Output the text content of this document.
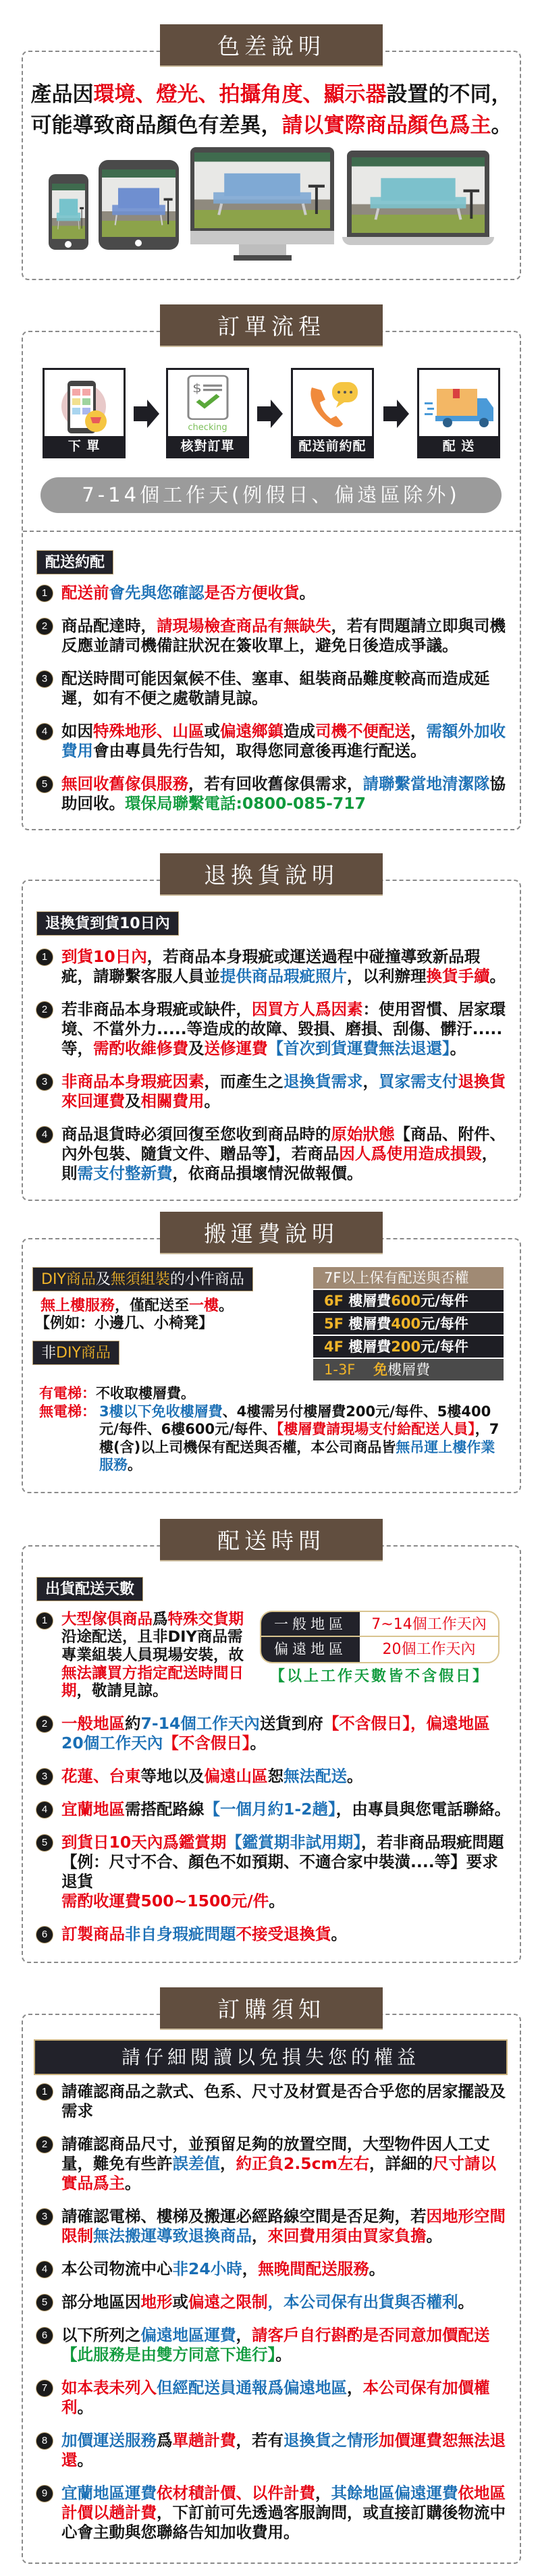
色差說明
產品因環境、燈光、拍攝角度、顯示器設置的不同，
可能導致商品顏色有差異，請以實際商品顏色爲主。
訂單流程
下 單
$
checking
核對訂單	配送前約配	配 送
7-14個工作天(例假日、偏遠區除外)
配送約配
1 配送前會先與您確認是否方便收貨。
2 商品配達時，請現場檢查商品有無缺失，若有問題請立即與司機反應並請司機備註狀況在簽收單上，避免日後造成爭議。
3 配送時間可能因氣候不佳、塞車、組裝商品難度較高而造成延遲，如有不便之處敬請見諒。
4 如因特殊地形、山區或偏遠鄉鎮造成司機不便配送，需額外加收費用會由專員先行告知，取得您同意後再進行配送。
5 無回收舊傢俱服務，若有回收舊傢俱需求，請聯繫當地清潔隊協助回收。環保局聯繫電話:0800-085-717
退換貨說明
退換貨到貨10日內
1 到貨10日內，若商品本身瑕疵或運送過程中碰撞導致新品瑕疵，請聯繫客服人員並提供商品瑕疵照片，以利辦理換貨手續。
2 若非商品本身瑕疵或缺件，因買方人爲因素：使用習慣、居家環境、不當外力.....等造成的故障、毀損、磨損、刮傷、髒汙.....等，需酌收維修費及送修運費【首次到貨運費無法退還】。
3 非商品本身瑕疵因素，而產生之退換貨需求，買家需支付退換貨來回運費及相關費用。
4 商品退貨時必須回復至您收到商品時的原始狀態【商品、附件、內外包裝、隨貨文件、贈品等】，若商品因人爲使用造成損毀，則需支付整新費，依商品損壞情況做報價。
搬運費說明
DIY商品及無須組裝的小件商品
無上樓服務，僅配送至一樓。
【例如：小邊几、小椅凳】
非DIY商品
7F以上保有配送與否權
6F 樓層費600元/每件
5F 樓層費400元/每件
4F 樓層費200元/每件
1-3F 免樓層費
有電梯：不收取樓層費。
無電梯： 3樓以下免收樓層費、4樓需另付樓層費200元/每件、5樓400元/每件、6樓600元/每件、【樓層費請現場支付給配送人員】，7樓(含)以上司機保有配送與否權，本公司商品皆無吊運上樓作業服務。
配送時間
出貨配送天數
1 大型傢俱商品爲特殊交貨期沿途配送，且非DIY商品需專業組裝人員現場安裝，故無法讓買方指定配送時間日期，敬請見諒。
一般地區	7~14個工作天內
偏遠地區	20個工作天內
【以上工作天數皆不含假日】
2 一般地區約7-14個工作天內送貨到府【不含假日】，偏遠地區20個工作天內【不含假日】。
3 花蓮、台東等地以及偏遠山區恕無法配送。
4 宜蘭地區需搭配路線【一個月約1-2趟】，由專員與您電話聯絡。
5 到貨日10天內爲鑑賞期【鑑賞期非試用期】，若非商品瑕疵問題
【例：尺寸不合、顏色不如預期、不適合家中裝潢....等】要求退貨
需酌收運費500~1500元/件。
6 訂製商品非自身瑕疵問題不接受退換貨。
訂購須知
請仔細閱讀以免損失您的權益
1 請確認商品之款式、色系、尺寸及材質是否合乎您的居家擺設及需求
2 請確認商品尺寸，並預留足夠的放置空間，大型物件因人工丈量，難免有些許誤差值，約正負2.5cm左右，詳細的尺寸請以實品爲主。
3 請確認電梯、樓梯及搬運必經路線空間是否足夠，若因地形空間限制無法搬運導致退換商品，來回費用須由買家負擔。
4 本公司物流中心非24小時，無晚間配送服務。
5 部分地區因地形或偏遠之限制，本公司保有出貨與否權利。
6 以下所列之偏遠地區運費，請客戶自行斟酌是否同意加價配送
【此服務是由雙方同意下進行】。
7 如本表未列入但經配送員通報爲偏遠地區，本公司保有加價權利。
8 加價運送服務爲單趟計費，若有退換貨之情形加價運費恕無法退還。
9 宜蘭地區運費依材積計價、以件計費，其餘地區偏遠運費依地區計價以趟計費，下訂前可先透過客服詢問，或直接訂購後物流中心會主動與您聯絡告知加收費用。
